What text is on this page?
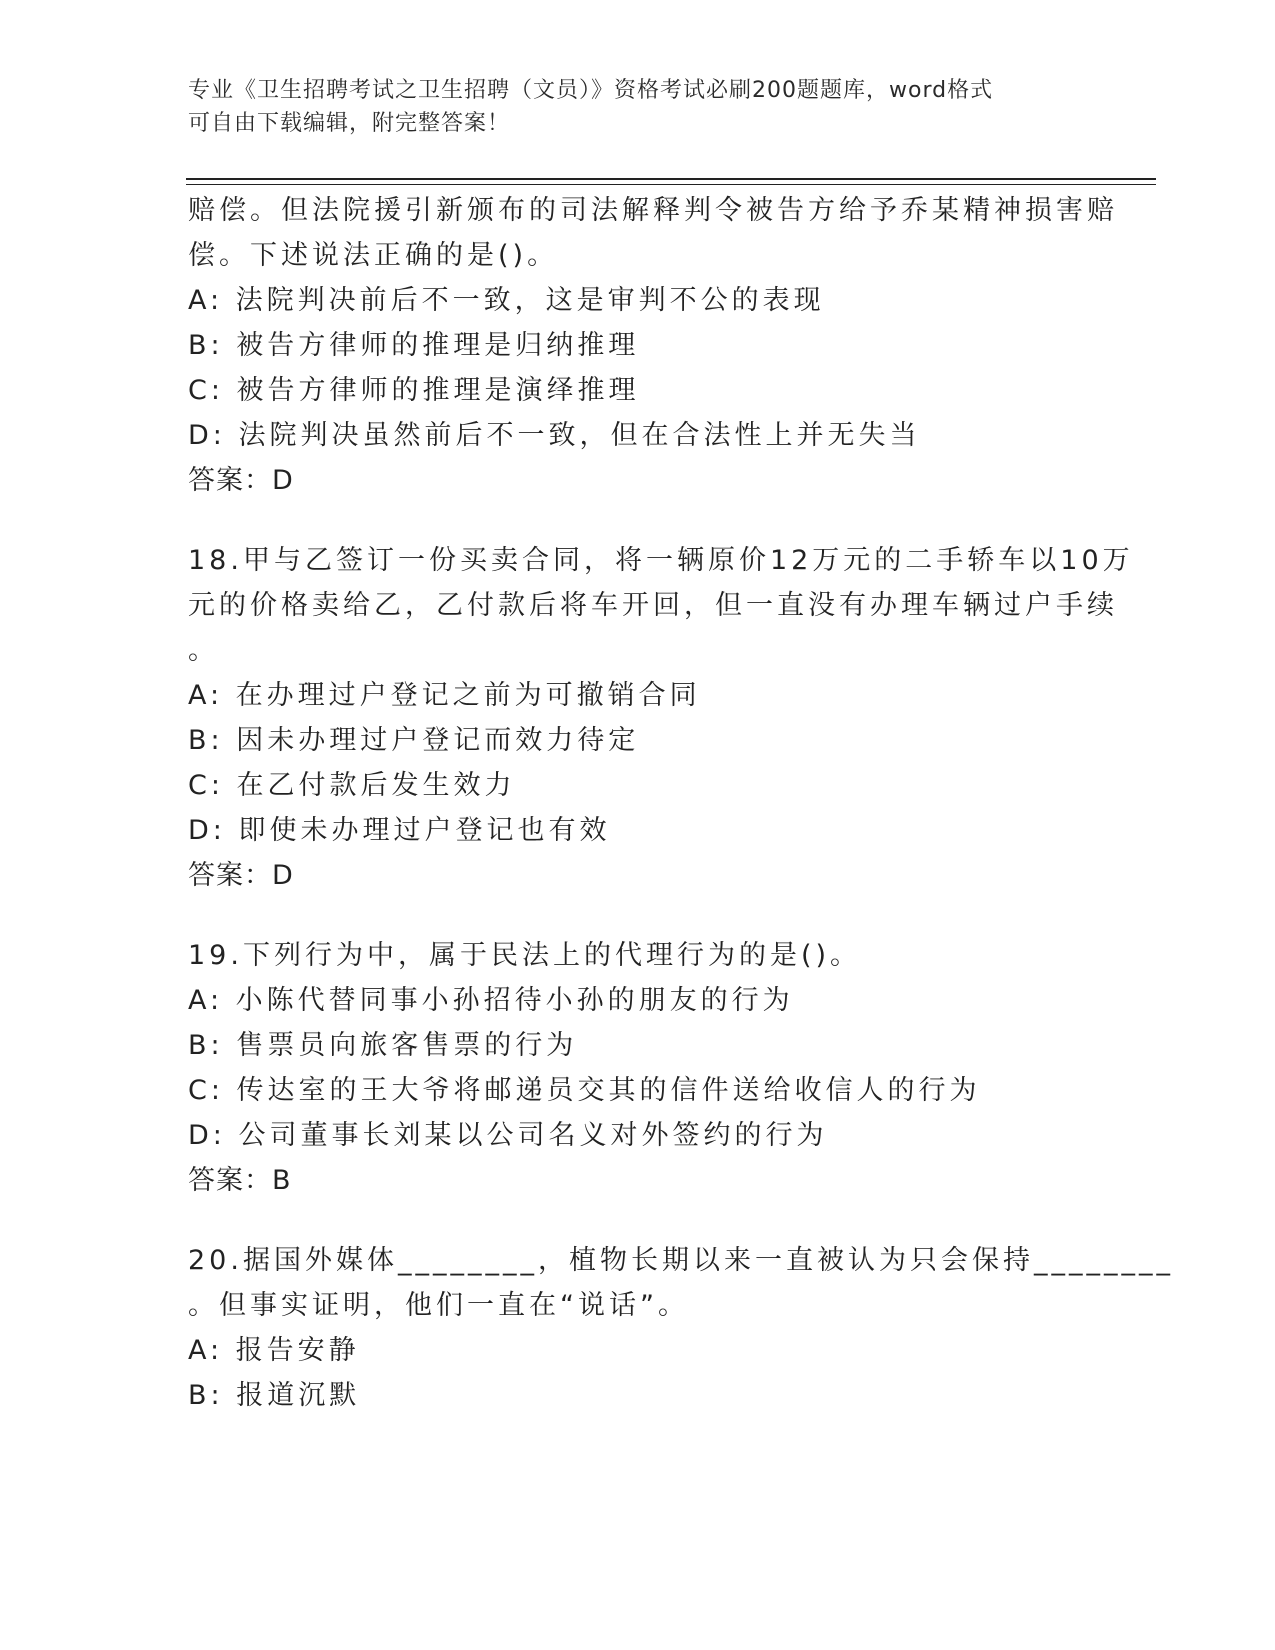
专业《卫生招聘考试之卫生招聘（文员）》资格考试必刷200题题库，word格式
可自由下载编辑，附完整答案！
赔偿。但法院援引新颁布的司法解释判令被告方给予乔某精神损害赔
偿。下述说法正确的是()。
A: 法院判决前后不一致，这是审判不公的表现
B: 被告方律师的推理是归纳推理
C: 被告方律师的推理是演绎推理
D: 法院判决虽然前后不一致，但在合法性上并无失当
答案：D
18.甲与乙签订一份买卖合同，将一辆原价12万元的二手轿车以10万
元的价格卖给乙，乙付款后将车开回，但一直没有办理车辆过户手续
。
A: 在办理过户登记之前为可撤销合同
B: 因未办理过户登记而效力待定
C: 在乙付款后发生效力
D: 即使未办理过户登记也有效
答案：D
19.下列行为中，属于民法上的代理行为的是()。
A: 小陈代替同事小孙招待小孙的朋友的行为
B: 售票员向旅客售票的行为
C: 传达室的王大爷将邮递员交其的信件送给收信人的行为
D: 公司董事长刘某以公司名义对外签约的行为
答案：B
20.据国外媒体________，植物长期以来一直被认为只会保持________
。但事实证明，他们一直在“说话”。
A: 报告安静
B: 报道沉默
